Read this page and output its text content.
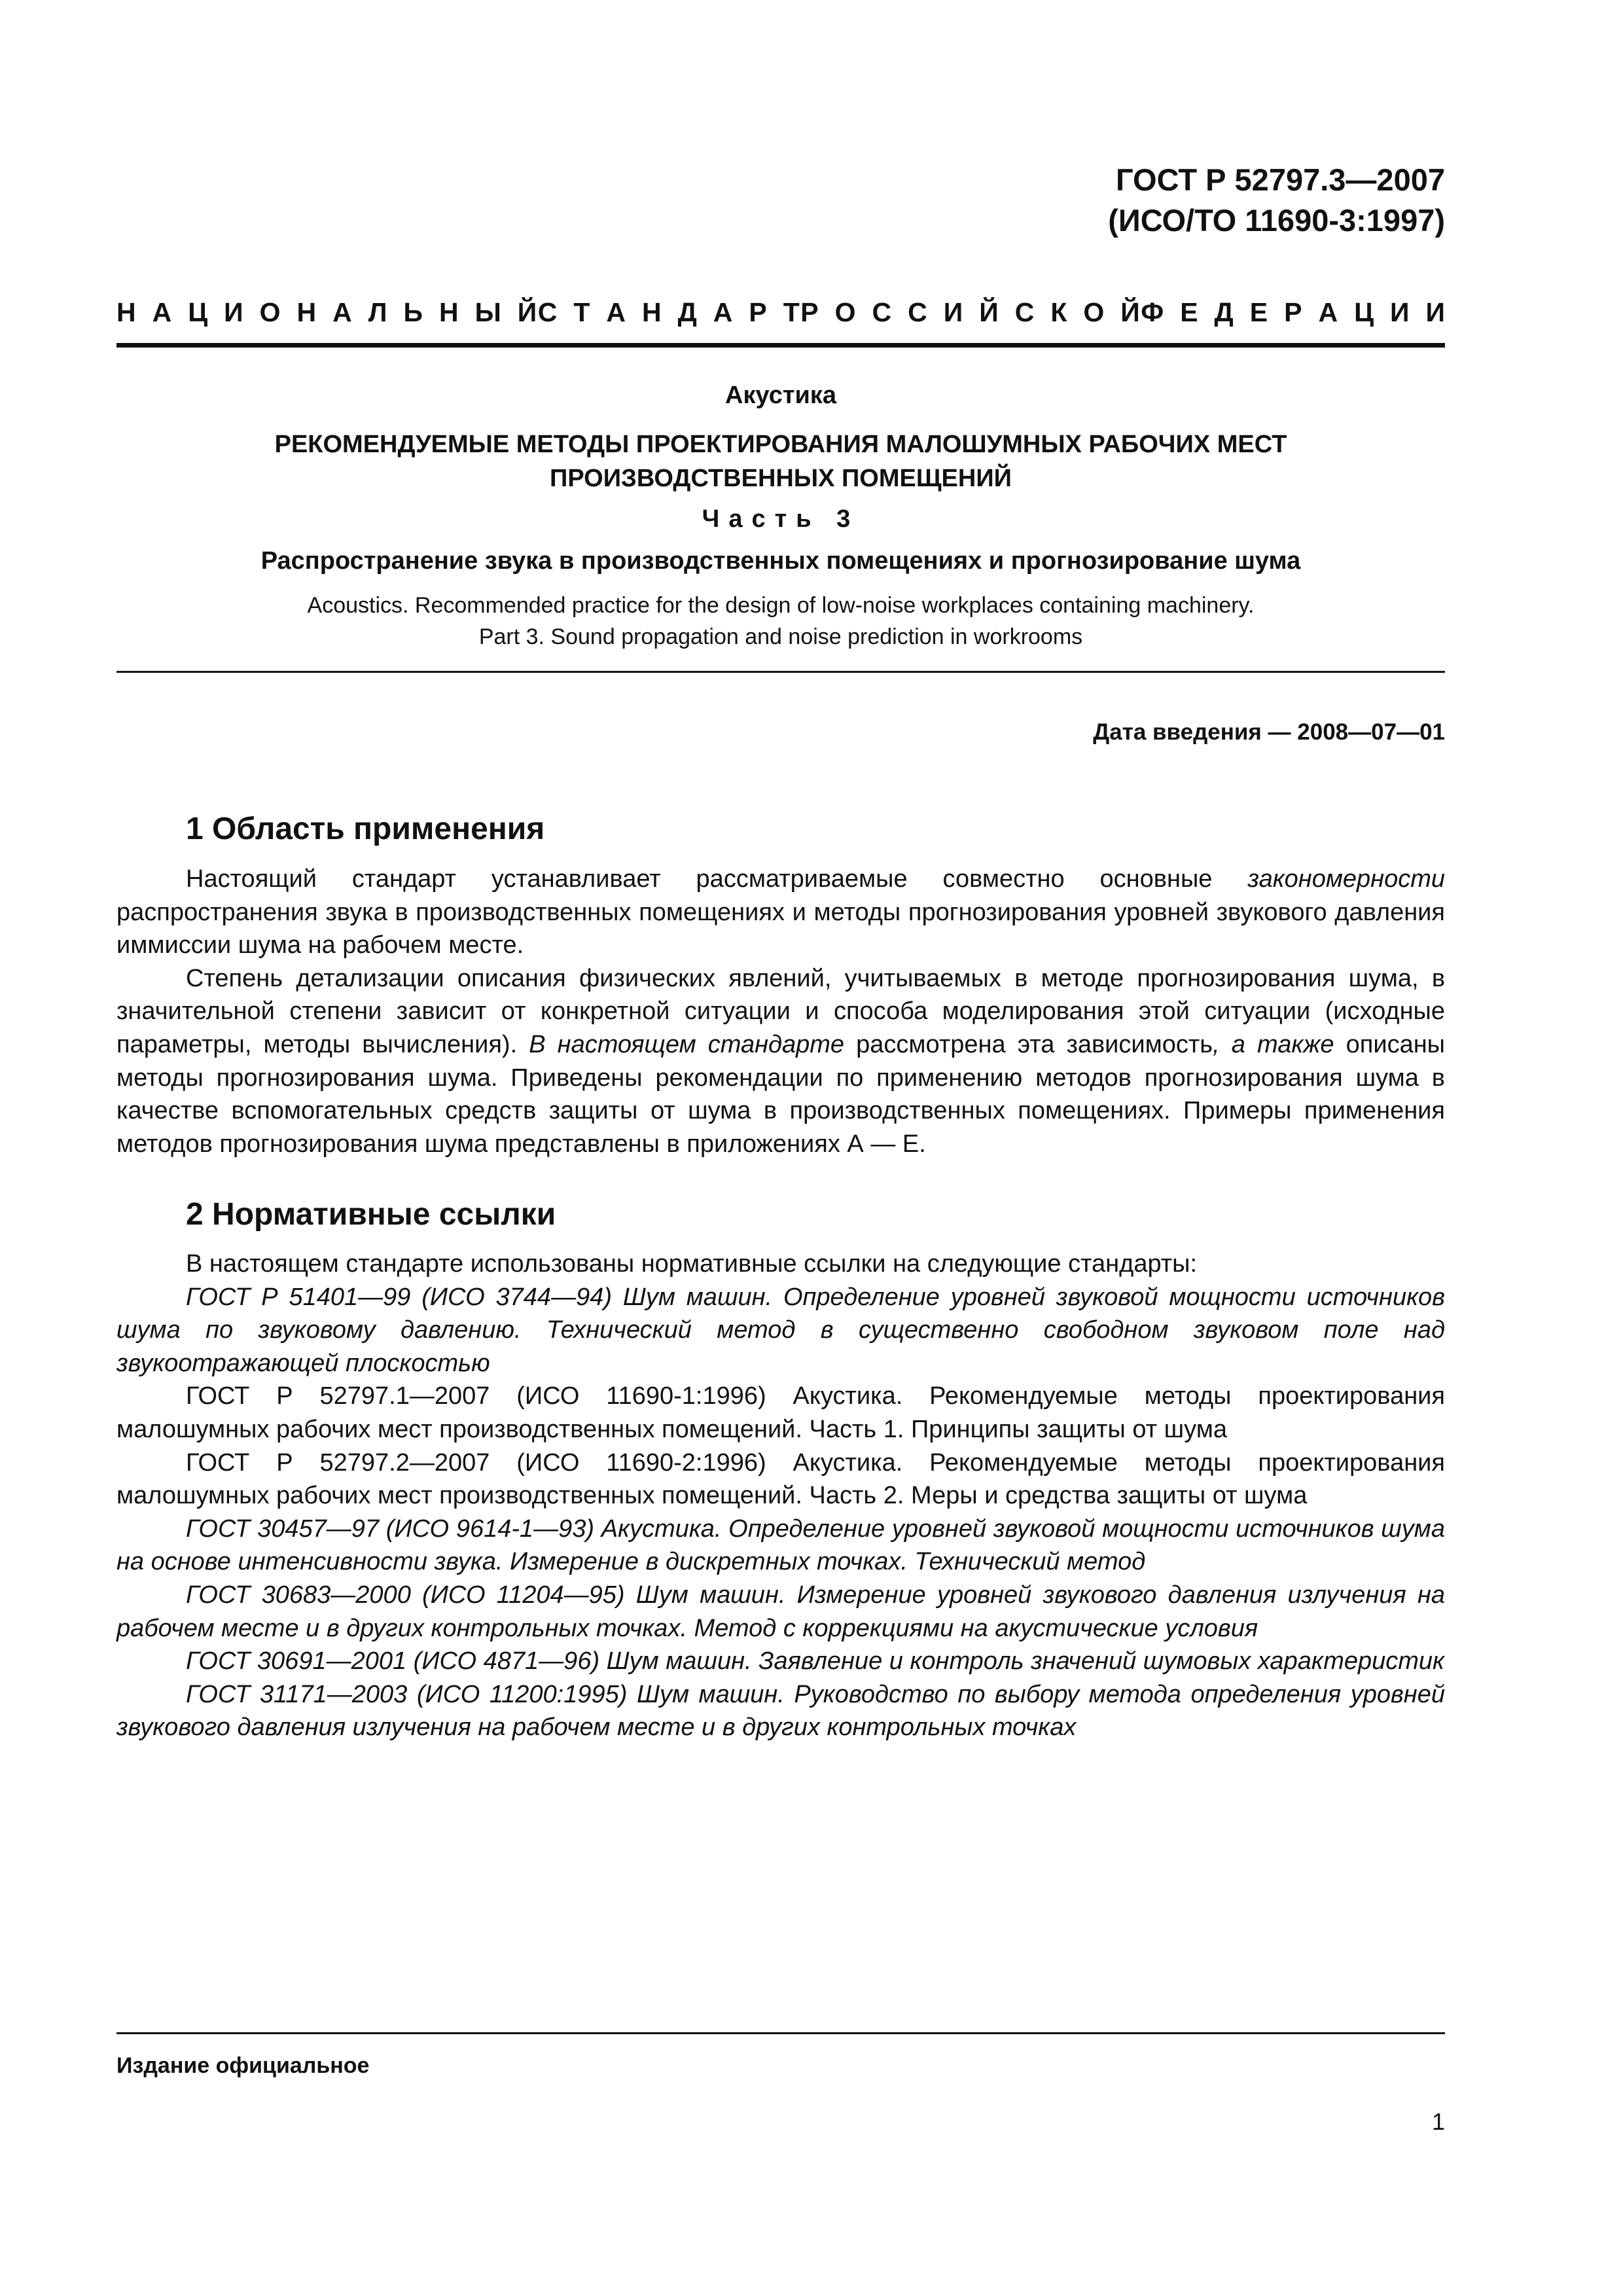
ГОСТ Р 52797.3—2007
(ИСО/ТО 11690-3:1997)
Н А Ц И О Н А Л Ь Н Ы Й С Т А Н Д А Р Т Р О С С И Й С К О Й Ф Е Д Е Р А Ц И И
Акустика
РЕКОМЕНДУЕМЫЕ МЕТОДЫ ПРОЕКТИРОВАНИЯ МАЛОШУМНЫХ РАБОЧИХ МЕСТ
ПРОИЗВОДСТВЕННЫХ ПОМЕЩЕНИЙ
Часть 3
Распространение звука в производственных помещениях и прогнозирование шума
Acoustics. Recommended practice for the design of low-noise workplaces containing machinery.
Part 3. Sound propagation and noise prediction in workrooms
Дата введения — 2008—07—01
1 Область применения

Настоящий стандарт устанавливает рассматриваемые совместно основные закономерности распространения звука в производственных помещениях и методы прогнозирования уровней звукового давления иммиссии шума на рабочем месте.

Степень детализации описания физических явлений, учитываемых в методе прогнозирования шума, в значительной степени зависит от конкретной ситуации и способа моделирования этой ситуации (исходные параметры, методы вычисления). В настоящем стандарте рассмотрена эта зависимость, а также описаны методы прогнозирования шума. Приведены рекомендации по применению методов прогнозирования шума в качестве вспомогательных средств защиты от шума в производственных помещениях. Примеры применения методов прогнозирования шума представлены в приложениях А — Е.

2 Нормативные ссылки

В настоящем стандарте использованы нормативные ссылки на следующие стандарты:

ГОСТ Р 51401—99 (ИСО 3744—94) Шум машин. Определение уровней звуковой мощности источников шума по звуковому давлению. Технический метод в существенно свободном звуковом поле над звукоотражающей плоскостью

ГОСТ Р 52797.1—2007 (ИСО 11690-1:1996) Акустика. Рекомендуемые методы проектирования малошумных рабочих мест производственных помещений. Часть 1. Принципы защиты от шума

ГОСТ Р 52797.2—2007 (ИСО 11690-2:1996) Акустика. Рекомендуемые методы проектирования малошумных рабочих мест производственных помещений. Часть 2. Меры и средства защиты от шума

ГОСТ 30457—97 (ИСО 9614-1—93) Акустика. Определение уровней звуковой мощности источников шума на основе интенсивности звука. Измерение в дискретных точках. Технический метод

ГОСТ 30683—2000 (ИСО 11204—95) Шум машин. Измерение уровней звукового давления излучения на рабочем месте и в других контрольных точках. Метод с коррекциями на акустические условия

ГОСТ 30691—2001 (ИСО 4871—96) Шум машин. Заявление и контроль значений шумовых характеристик

ГОСТ 31171—2003 (ИСО 11200:1995) Шум машин. Руководство по выбору метода определения уровней звукового давления излучения на рабочем месте и в других контрольных точках

Издание официальное
1
